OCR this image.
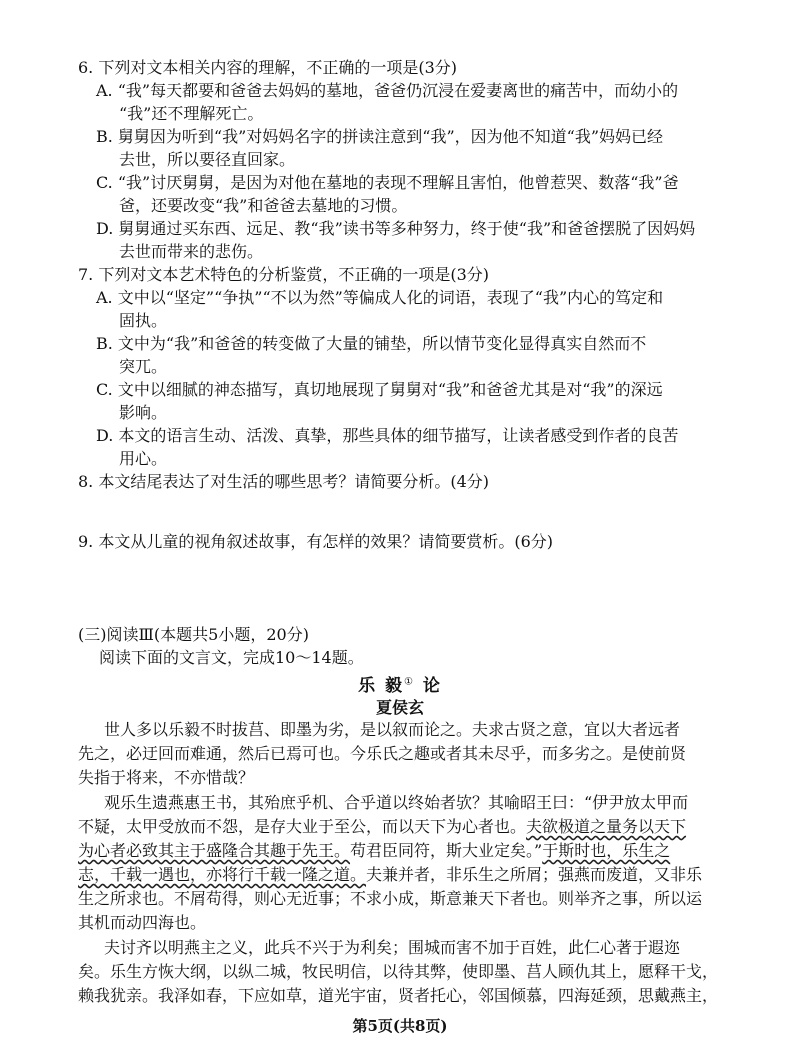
6. 下列对文本相关内容的理解，不正确的一项是(3分)
A. “我”每天都要和爸爸去妈妈的墓地，爸爸仍沉浸在爱妻离世的痛苦中，而幼小的
“我”还不理解死亡。
B. 舅舅因为听到“我”对妈妈名字的拼读注意到“我”，因为他不知道“我”妈妈已经
去世，所以要径直回家。
C. “我”讨厌舅舅，是因为对他在墓地的表现不理解且害怕，他曾惹哭、数落“我”爸
爸，还要改变“我”和爸爸去墓地的习惯。
D. 舅舅通过买东西、远足、教“我”读书等多种努力，终于使“我”和爸爸摆脱了因妈妈
去世而带来的悲伤。
7. 下列对文本艺术特色的分析鉴赏，不正确的一项是(3分)
A. 文中以“坚定”“争执”“不以为然”等偏成人化的词语，表现了“我”内心的笃定和
固执。
B. 文中为“我”和爸爸的转变做了大量的铺垫，所以情节变化显得真实自然而不
突兀。
C. 文中以细腻的神态描写，真切地展现了舅舅对“我”和爸爸尤其是对“我”的深远
影响。
D. 本文的语言生动、活泼、真挚，那些具体的细节描写，让读者感受到作者的良苦
用心。
8. 本文结尾表达了对生活的哪些思考？请简要分析。(4分)
9. 本文从儿童的视角叙述故事，有怎样的效果？请简要赏析。(6分)
(三)阅读Ⅲ(本题共5小题，20分)
阅读下面的文言文，完成10～14题。
乐 毅① 论
夏侯玄
世人多以乐毅不时拔莒、即墨为劣，是以叙而论之。夫求古贤之意，宜以大者远者
先之，必迂回而难通，然后已焉可也。今乐氏之趣或者其未尽乎，而多劣之。是使前贤
失指于将来，不亦惜哉？
观乐生遗燕惠王书，其殆庶乎机、合乎道以终始者欤？其喻昭王曰：“伊尹放太甲而
不疑，太甲受放而不怨，是存大业于至公，而以天下为心者也。夫欲极道之量务以天下
为心者必致其主于盛隆合其趣于先王。苟君臣同符，斯大业定矣。”于斯时也，乐生之
志，千载一遇也，亦将行千载一隆之道。夫兼并者，非乐生之所屑；强燕而废道，又非乐
生之所求也。不屑苟得，则心无近事；不求小成，斯意兼天下者也。则举齐之事，所以运
其机而动四海也。
夫讨齐以明燕主之义，此兵不兴于为利矣；围城而害不加于百姓，此仁心著于遐迩
矣。乐生方恢大纲，以纵二城，牧民明信，以待其弊，使即墨、莒人顾仇其上，愿释干戈，
赖我犹亲。我泽如春，下应如草，道光宇宙，贤者托心，邻国倾慕，四海延颈，思戴燕主，
第5页(共8页)
